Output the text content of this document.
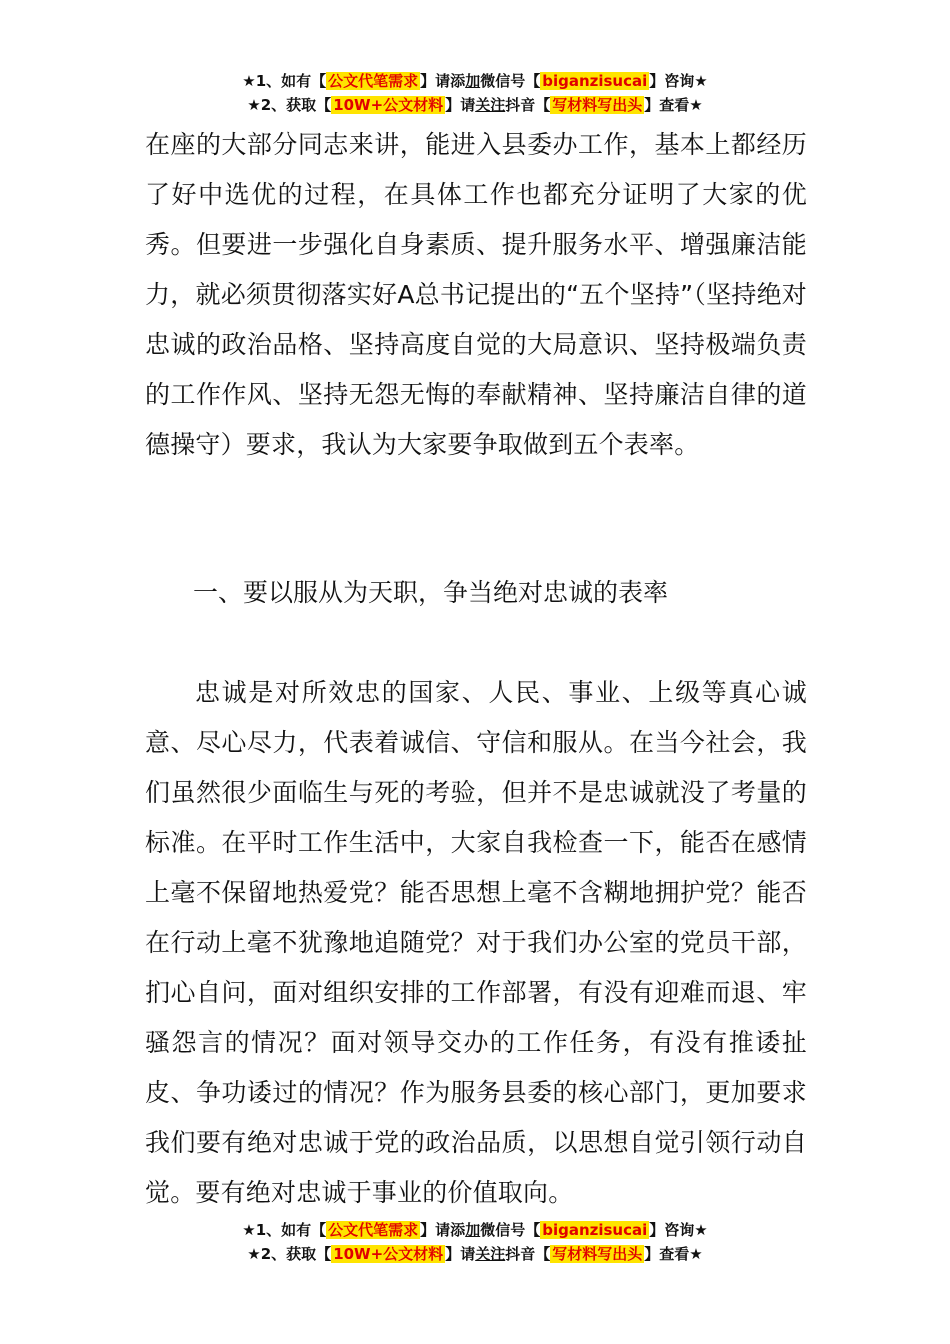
★1、如有【 公文代笔需求 】请添加微信号【 biganzisucai 】咨询★
★2、获取【 10W+公文材料 】请关注抖音【 写材料写出头 】查看★
在座的大部分同志来讲，能进入县委办工作，基本上都经历了好中选优的过程，在具体工作也都充分证明了大家的优秀。但要进一步强化自身素质、提升服务水平、增强廉洁能力，就必须贯彻落实好A总书记提出的“五个坚持”（坚持绝对忠诚的政治品格、坚持高度自觉的大局意识、坚持极端负责的工作作风、坚持无怨无悔的奉献精神、坚持廉洁自律的道德操守）要求，我认为大家要争取做到五个表率。
一、要以服从为天职，争当绝对忠诚的表率
忠诚是对所效忠的国家、人民、事业、上级等真心诚意、尽心尽力，代表着诚信、守信和服从。在当今社会，我们虽然很少面临生与死的考验，但并不是忠诚就没了考量的标准。在平时工作生活中，大家自我检查一下，能否在感情上毫不保留地热爱党？能否思想上毫不含糊地拥护党？能否在行动上毫不犹豫地追随党？对于我们办公室的党员干部，扪心自问，面对组织安排的工作部署，有没有迎难而退、牢骚怨言的情况？面对领导交办的工作任务，有没有推诿扯皮、争功诿过的情况？作为服务县委的核心部门，更加要求我们要有绝对忠诚于党的政治品质，以思想自觉引领行动自觉。要有绝对忠诚于事业的价值取向。
★1、如有【 公文代笔需求 】请添加微信号【 biganzisucai 】咨询★
★2、获取【 10W+公文材料 】请关注抖音【 写材料写出头 】查看★
